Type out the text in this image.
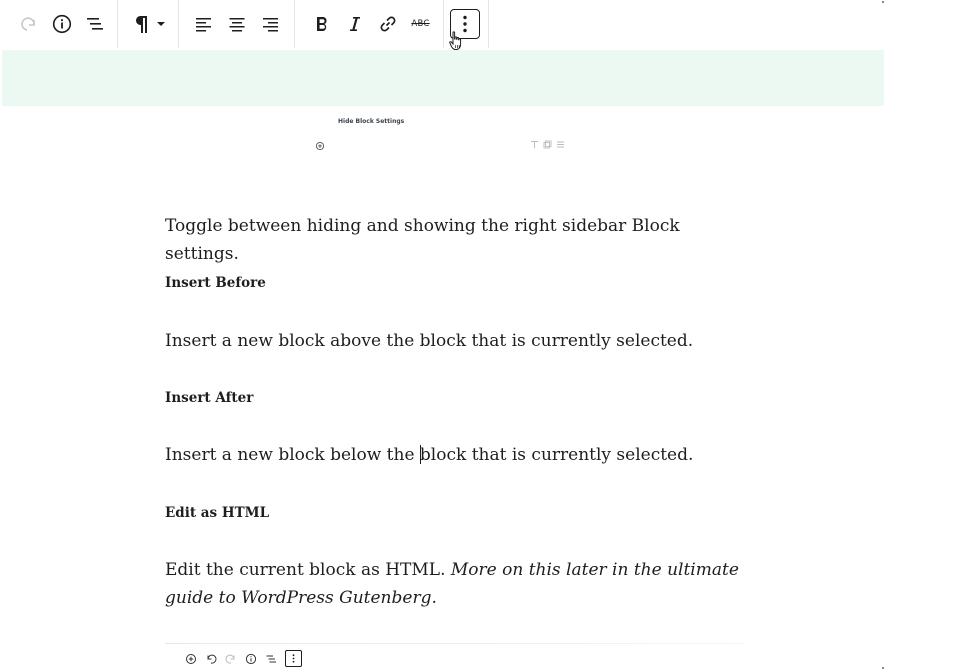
ABC
Hide Block Settings
Toggle between hiding and showing the right sidebar Block settings.
Insert Before
Insert a new block above the block that is currently selected.
Insert After
Insert a new block below the block that is currently selected.
Edit as HTML
Edit the current block as HTML. More on this later in the ultimate guide to WordPress Gutenberg.
